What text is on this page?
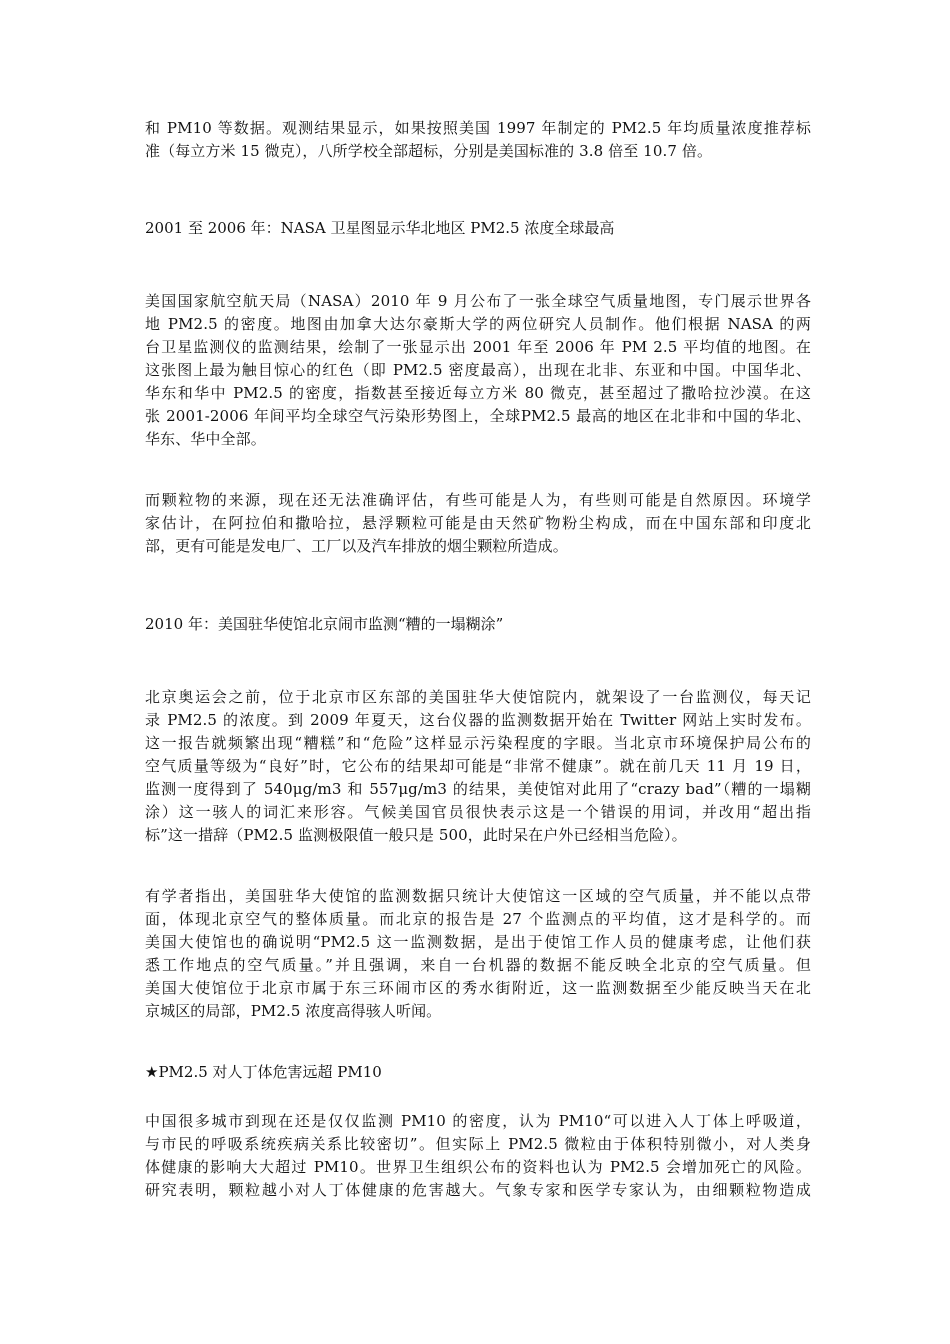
和 PM10 等数据。观测结果显示，如果按照美国 1997 年制定的 PM2.5 年均质量浓度推荐标
准（每立方米 15 微克），八所学校全部超标，分别是美国标准的 3.8 倍至 10.7 倍。
2001 至 2006 年：NASA 卫星图显示华北地区 PM2.5 浓度全球最高
美国国家航空航天局（NASA）2010 年 9 月公布了一张全球空气质量地图，专门展示世界各
地 PM2.5 的密度。地图由加拿大达尔豪斯大学的两位研究人员制作。他们根据 NASA 的两
台卫星监测仪的监测结果，绘制了一张显示出 2001 年至 2006 年 PM 2.5 平均值的地图。在
这张图上最为触目惊心的红色（即 PM2.5 密度最高），出现在北非、东亚和中国。中国华北、
华东和华中 PM2.5 的密度，指数甚至接近每立方米 80 微克，甚至超过了撒哈拉沙漠。在这
张 2001-2006 年间平均全球空气污染形势图上，全球PM2.5 最高的地区在北非和中国的华北、
华东、华中全部。
而颗粒物的来源，现在还无法准确评估，有些可能是人为，有些则可能是自然原因。环境学
家估计，在阿拉伯和撒哈拉，悬浮颗粒可能是由天然矿物粉尘构成，而在中国东部和印度北
部，更有可能是发电厂、工厂以及汽车排放的烟尘颗粒所造成。
2010 年：美国驻华使馆北京闹市监测“糟的一塌糊涂”
北京奥运会之前，位于北京市区东部的美国驻华大使馆院内，就架设了一台监测仪，每天记
录 PM2.5 的浓度。到 2009 年夏天，这台仪器的监测数据开始在 Twitter 网站上实时发布。
这一报告就频繁出现“糟糕”和“危险”这样显示污染程度的字眼。当北京市环境保护局公布的
空气质量等级为“良好”时，它公布的结果却可能是“非常不健康”。就在前几天 11 月 19 日，
监测一度得到了 540μg/m3 和 557μg/m3 的结果，美使馆对此用了“crazy bad”（糟的一塌糊
涂）这一骇人的词汇来形容。气候美国官员很快表示这是一个错误的用词，并改用“超出指
标”这一措辞（PM2.5 监测极限值一般只是 500，此时呆在户外已经相当危险）。
有学者指出，美国驻华大使馆的监测数据只统计大使馆这一区域的空气质量，并不能以点带
面，体现北京空气的整体质量。而北京的报告是 27 个监测点的平均值，这才是科学的。而
美国大使馆也的确说明“PM2.5 这一监测数据，是出于使馆工作人员的健康考虑，让他们获
悉工作地点的空气质量。”并且强调，来自一台机器的数据不能反映全北京的空气质量。但
美国大使馆位于北京市属于东三环闹市区的秀水街附近，这一监测数据至少能反映当天在北
京城区的局部，PM2.5 浓度高得骇人听闻。
★PM2.5 对人丁体危害远超 PM10
中国很多城市到现在还是仅仅监测 PM10 的密度，认为 PM10“可以进入人丁体上呼吸道，
与市民的呼吸系统疾病关系比较密切”。但实际上 PM2.5 微粒由于体积特别微小，对人类身
体健康的影响大大超过 PM10。世界卫生组织公布的资料也认为 PM2.5 会增加死亡的风险。
研究表明，颗粒越小对人丁体健康的危害越大。气象专家和医学专家认为，由细颗粒物造成
